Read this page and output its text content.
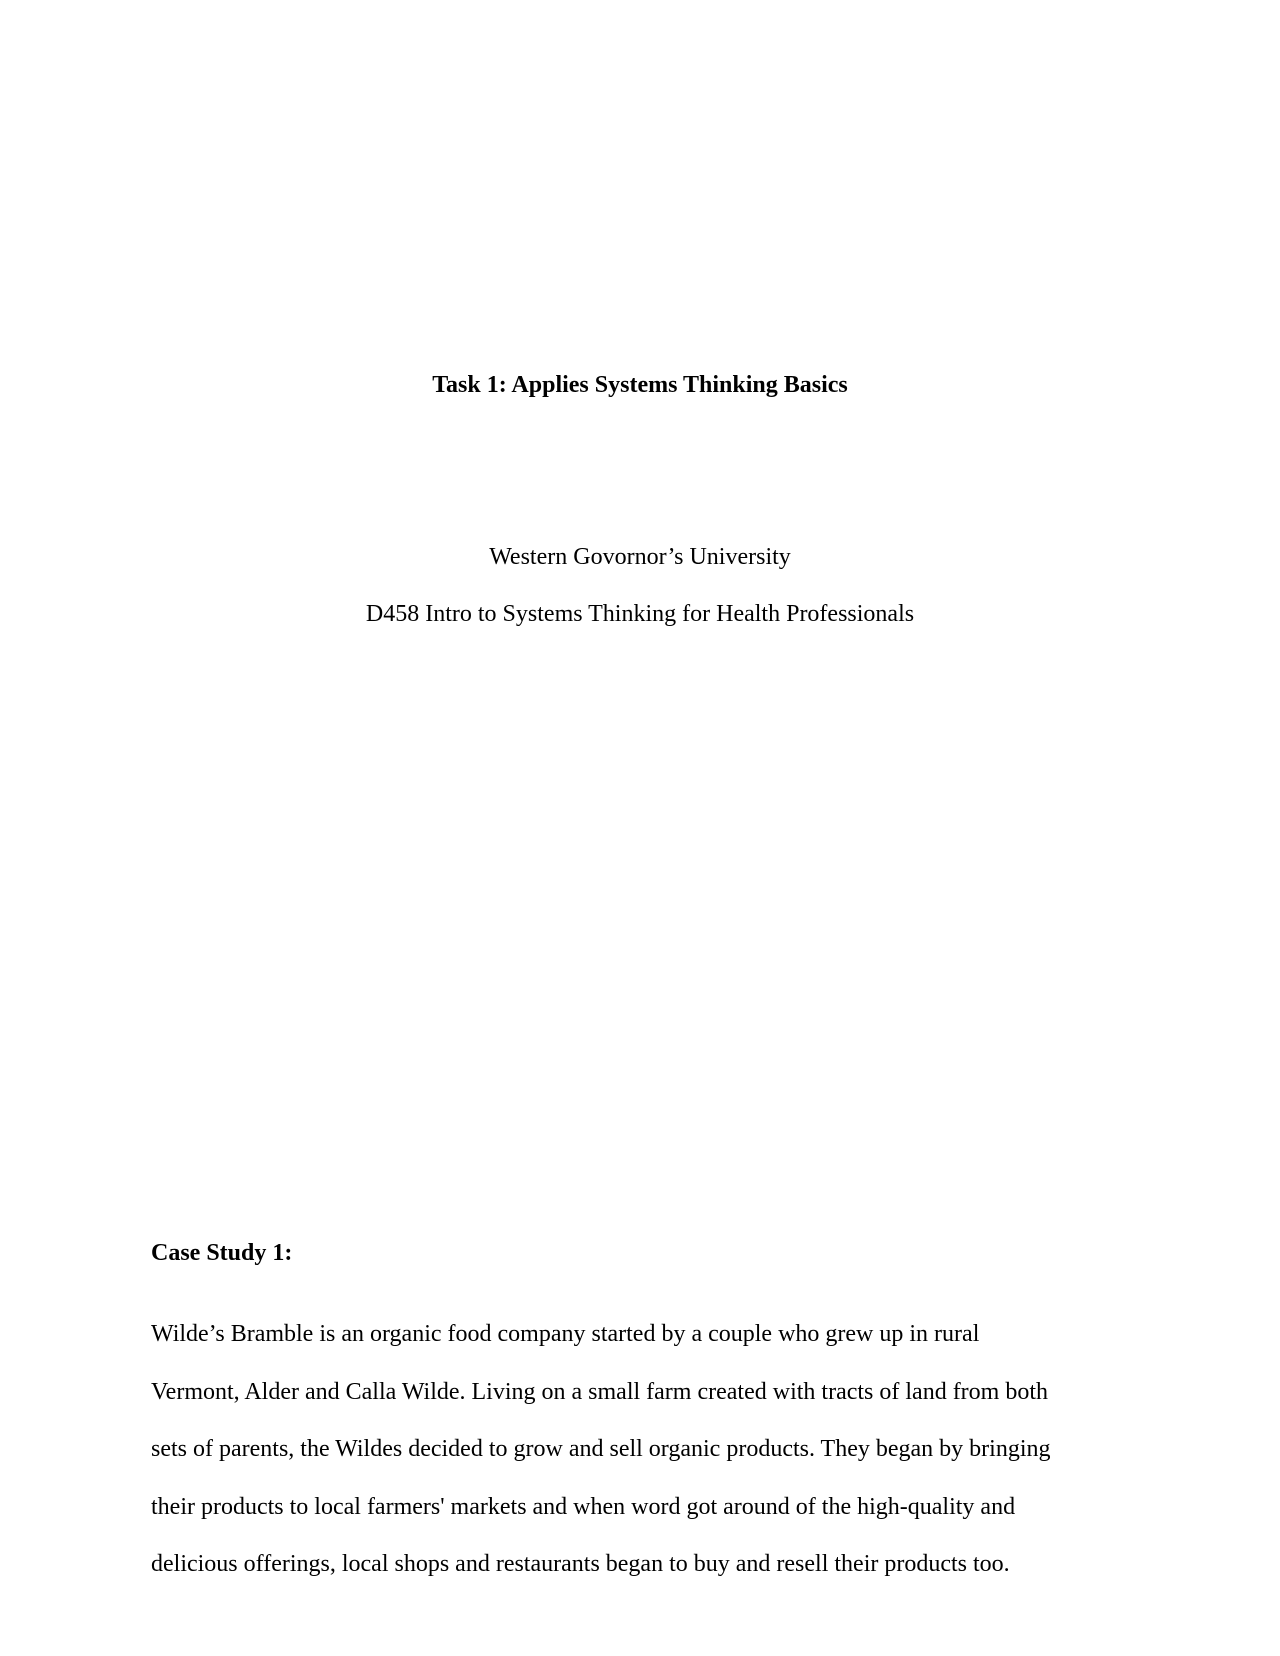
Task 1: Applies Systems Thinking Basics
Western Govornor’s University
D458 Intro to Systems Thinking for Health Professionals
Case Study 1:
Wilde’s Bramble is an organic food company started by a couple who grew up in rural
Vermont, Alder and Calla Wilde. Living on a small farm created with tracts of land from both
sets of parents, the Wildes decided to grow and sell organic products. They began by bringing
their products to local farmers' markets and when word got around of the high-quality and
delicious offerings, local shops and restaurants began to buy and resell their products too.
